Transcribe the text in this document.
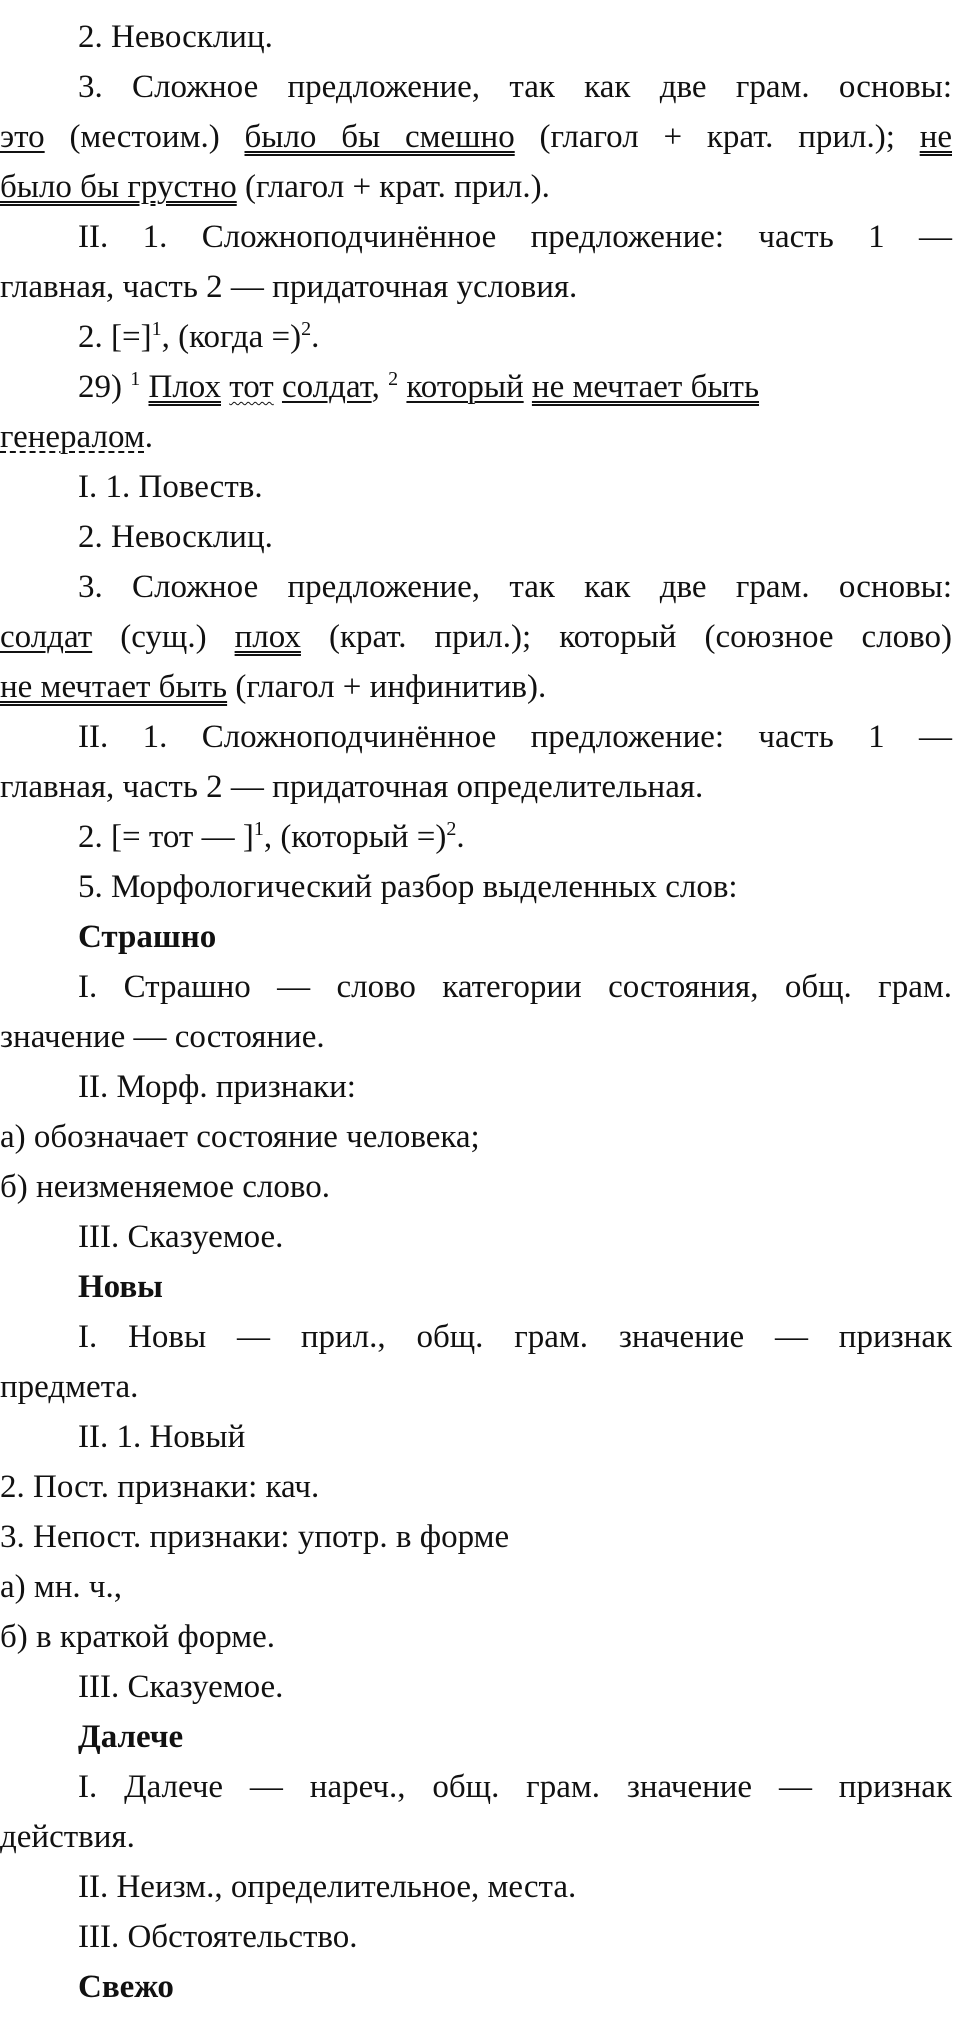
2. Невосклиц.
3. Сложное предложение, так как две грам. основы:
это (местоим.) было бы смешно (глагол + крат. прил.); не
было бы грустно (глагол + крат. прил.).
II. 1. Сложноподчинённое предложение: часть 1 —
главная, часть 2 — придаточная условия.
2. [=]$^1$, (когда =)$^2$.
29) $^1$ Плох тот солдат, $^2$ который не мечтает быть
генералом.
I. 1. Повеств.
2. Невосклиц.
3. Сложное предложение, так как две грам. основы:
солдат (сущ.) плох (крат. прил.); который (союзное слово)
не мечтает быть (глагол + инфинитив).
II. 1. Сложноподчинённое предложение: часть 1 —
главная, часть 2 — придаточная определительная.
2. [= тот — ]$^1$, (который =)$^2$.
5. Морфологический разбор выделенных слов:
Страшно
I. Страшно — слово категории состояния, общ. грам.
значение — состояние.
II. Морф. признаки:
а) обозначает состояние человека;
б) неизменяемое слово.
III. Сказуемое.
Новы
I. Новы — прил., общ. грам. значение — признак
предмета.
II. 1. Новый
2. Пост. признаки: кач.
3. Непост. признаки: употр. в форме
а) мн. ч.,
б) в краткой форме.
III. Сказуемое.
Далече
I. Далече — нареч., общ. грам. значение — признак
действия.
II. Неизм., определительное, места.
III. Обстоятельство.
Свежо
